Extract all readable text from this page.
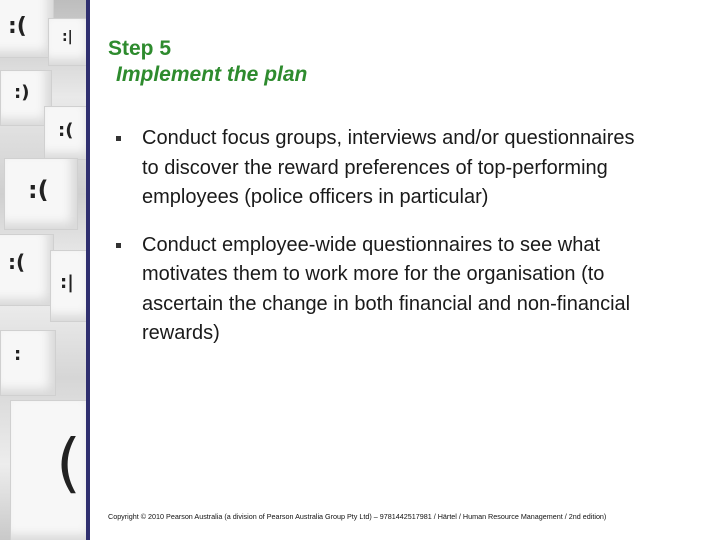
:(	:|
:)
:(
:(
:(
:|
:
(
Step 5
Implement the plan
Conduct focus groups, interviews and/or questionnaires to discover the reward preferences of top-performing employees (police officers in particular)
Conduct employee-wide questionnaires to see what motivates them to work more for the organisation (to ascertain the change in both financial and non-financial rewards)
Copyright © 2010 Pearson Australia (a division of Pearson Australia Group Pty Ltd) – 9781442517981 / Härtel / Human Resource Management / 2nd edition)
